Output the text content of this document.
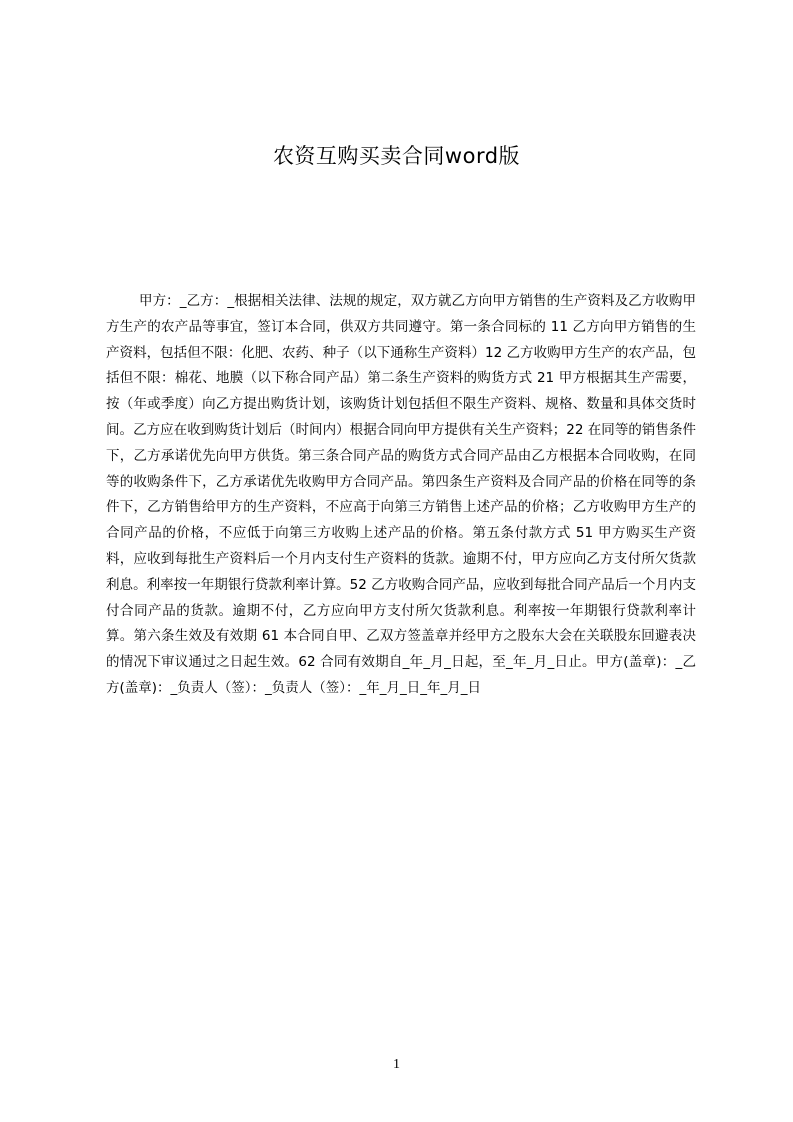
农资互购买卖合同word版

甲方：_乙方：_根据相关法律、法规的规定，双方就乙方向甲方销售的生产资料及乙方收购甲方生产的农产品等事宜，签订本合同，供双方共同遵守。第一条合同标的 11 乙方向甲方销售的生产资料，包括但不限：化肥、农药、种子（以下通称生产资料）12 乙方收购甲方生产的农产品，包括但不限：棉花、地膜（以下称合同产品）第二条生产资料的购货方式 21 甲方根据其生产需要，按（年或季度）向乙方提出购货计划，该购货计划包括但不限生产资料、规格、数量和具体交货时间。乙方应在收到购货计划后（时间内）根据合同向甲方提供有关生产资料；22 在同等的销售条件下，乙方承诺优先向甲方供货。第三条合同产品的购货方式合同产品由乙方根据本合同收购，在同等的收购条件下，乙方承诺优先收购甲方合同产品。第四条生产资料及合同产品的价格在同等的条件下，乙方销售给甲方的生产资料，不应高于向第三方销售上述产品的价格；乙方收购甲方生产的合同产品的价格，不应低于向第三方收购上述产品的价格。第五条付款方式 51 甲方购买生产资料，应收到每批生产资料后一个月内支付生产资料的货款。逾期不付，甲方应向乙方支付所欠货款利息。利率按一年期银行贷款利率计算。52 乙方收购合同产品，应收到每批合同产品后一个月内支付合同产品的货款。逾期不付，乙方应向甲方支付所欠货款利息。利率按一年期银行贷款利率计算。第六条生效及有效期 61 本合同自甲、乙双方签盖章并经甲方之股东大会在关联股东回避表决的情况下审议通过之日起生效。62 合同有效期自_年_月_日起，至_年_月_日止。甲方(盖章)：_乙方(盖章)：_负责人（签）：_负责人（签）：_年_月_日_年_月_日

1
